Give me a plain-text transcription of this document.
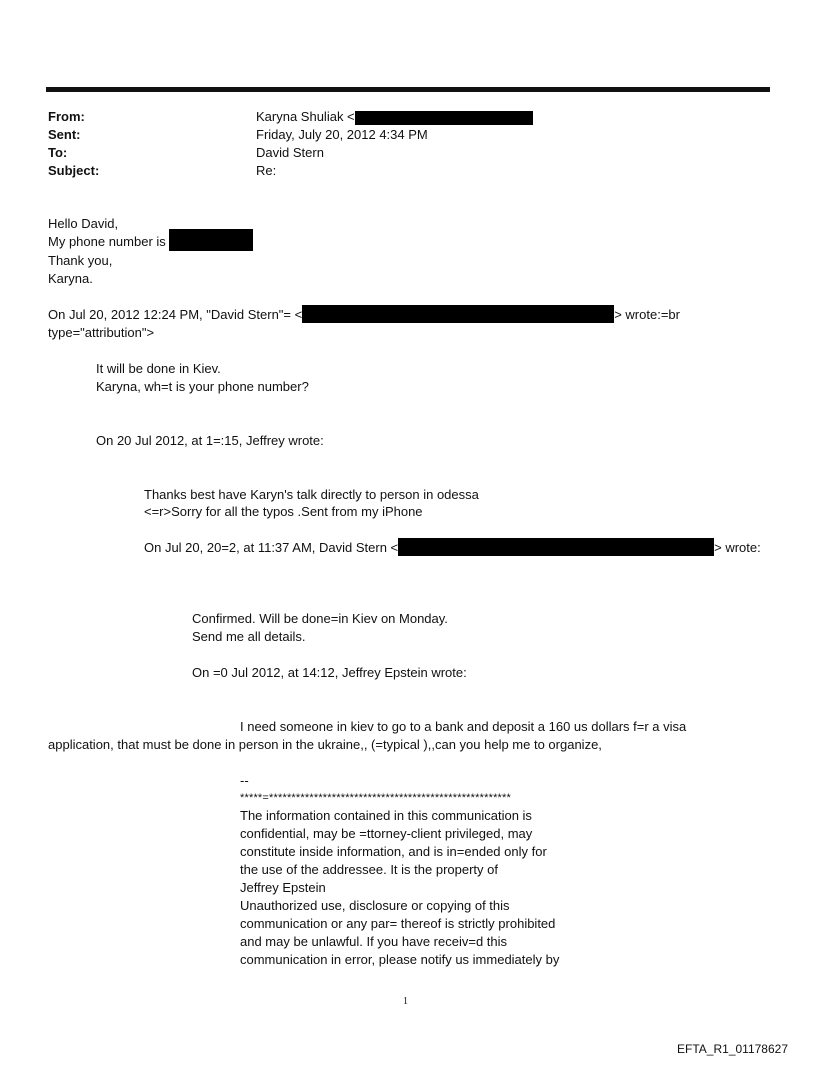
From:
Sent:
To:
Subject:
Karyna Shuliak <
Friday, July 20, 2012 4:34 PM
David Stern
Re:
Hello David,
My phone number is
Thank you,
Karyna.
On Jul 20, 2012 12:24 PM, "David Stern"= <	> wrote:=br
type="attribution">
It will be done in Kiev.
Karyna, wh=t is your phone number?
On 20 Jul 2012, at 1=:15, Jeffrey wrote:
Thanks best have Karyn's talk directly to person in odessa
<=r>Sorry for all the typos .Sent from my iPhone
On Jul 20, 20=2, at 11:37 AM, David Stern <	> wrote:
Confirmed. Will be done=in Kiev on Monday.
Send me all details.
On =0 Jul 2012, at 14:12, Jeffrey Epstein wrote:
I need someone in kiev to go to a bank and deposit a 160 us dollars f=r a visa
application, that must be done in person in the ukraine,, (=typical ),,can you help me to organize,
--
*****=******************************************************
The information contained in this communication is
confidential, may be =ttorney-client privileged, may
constitute inside information, and is in=ended only for
the use of the addressee. It is the property of
Jeffrey Epstein
Unauthorized use, disclosure or copying of this
communication or any par= thereof is strictly prohibited
and may be unlawful. If you have receiv=d this
communication in error, please notify us immediately by
1
EFTA_R1_01178627
